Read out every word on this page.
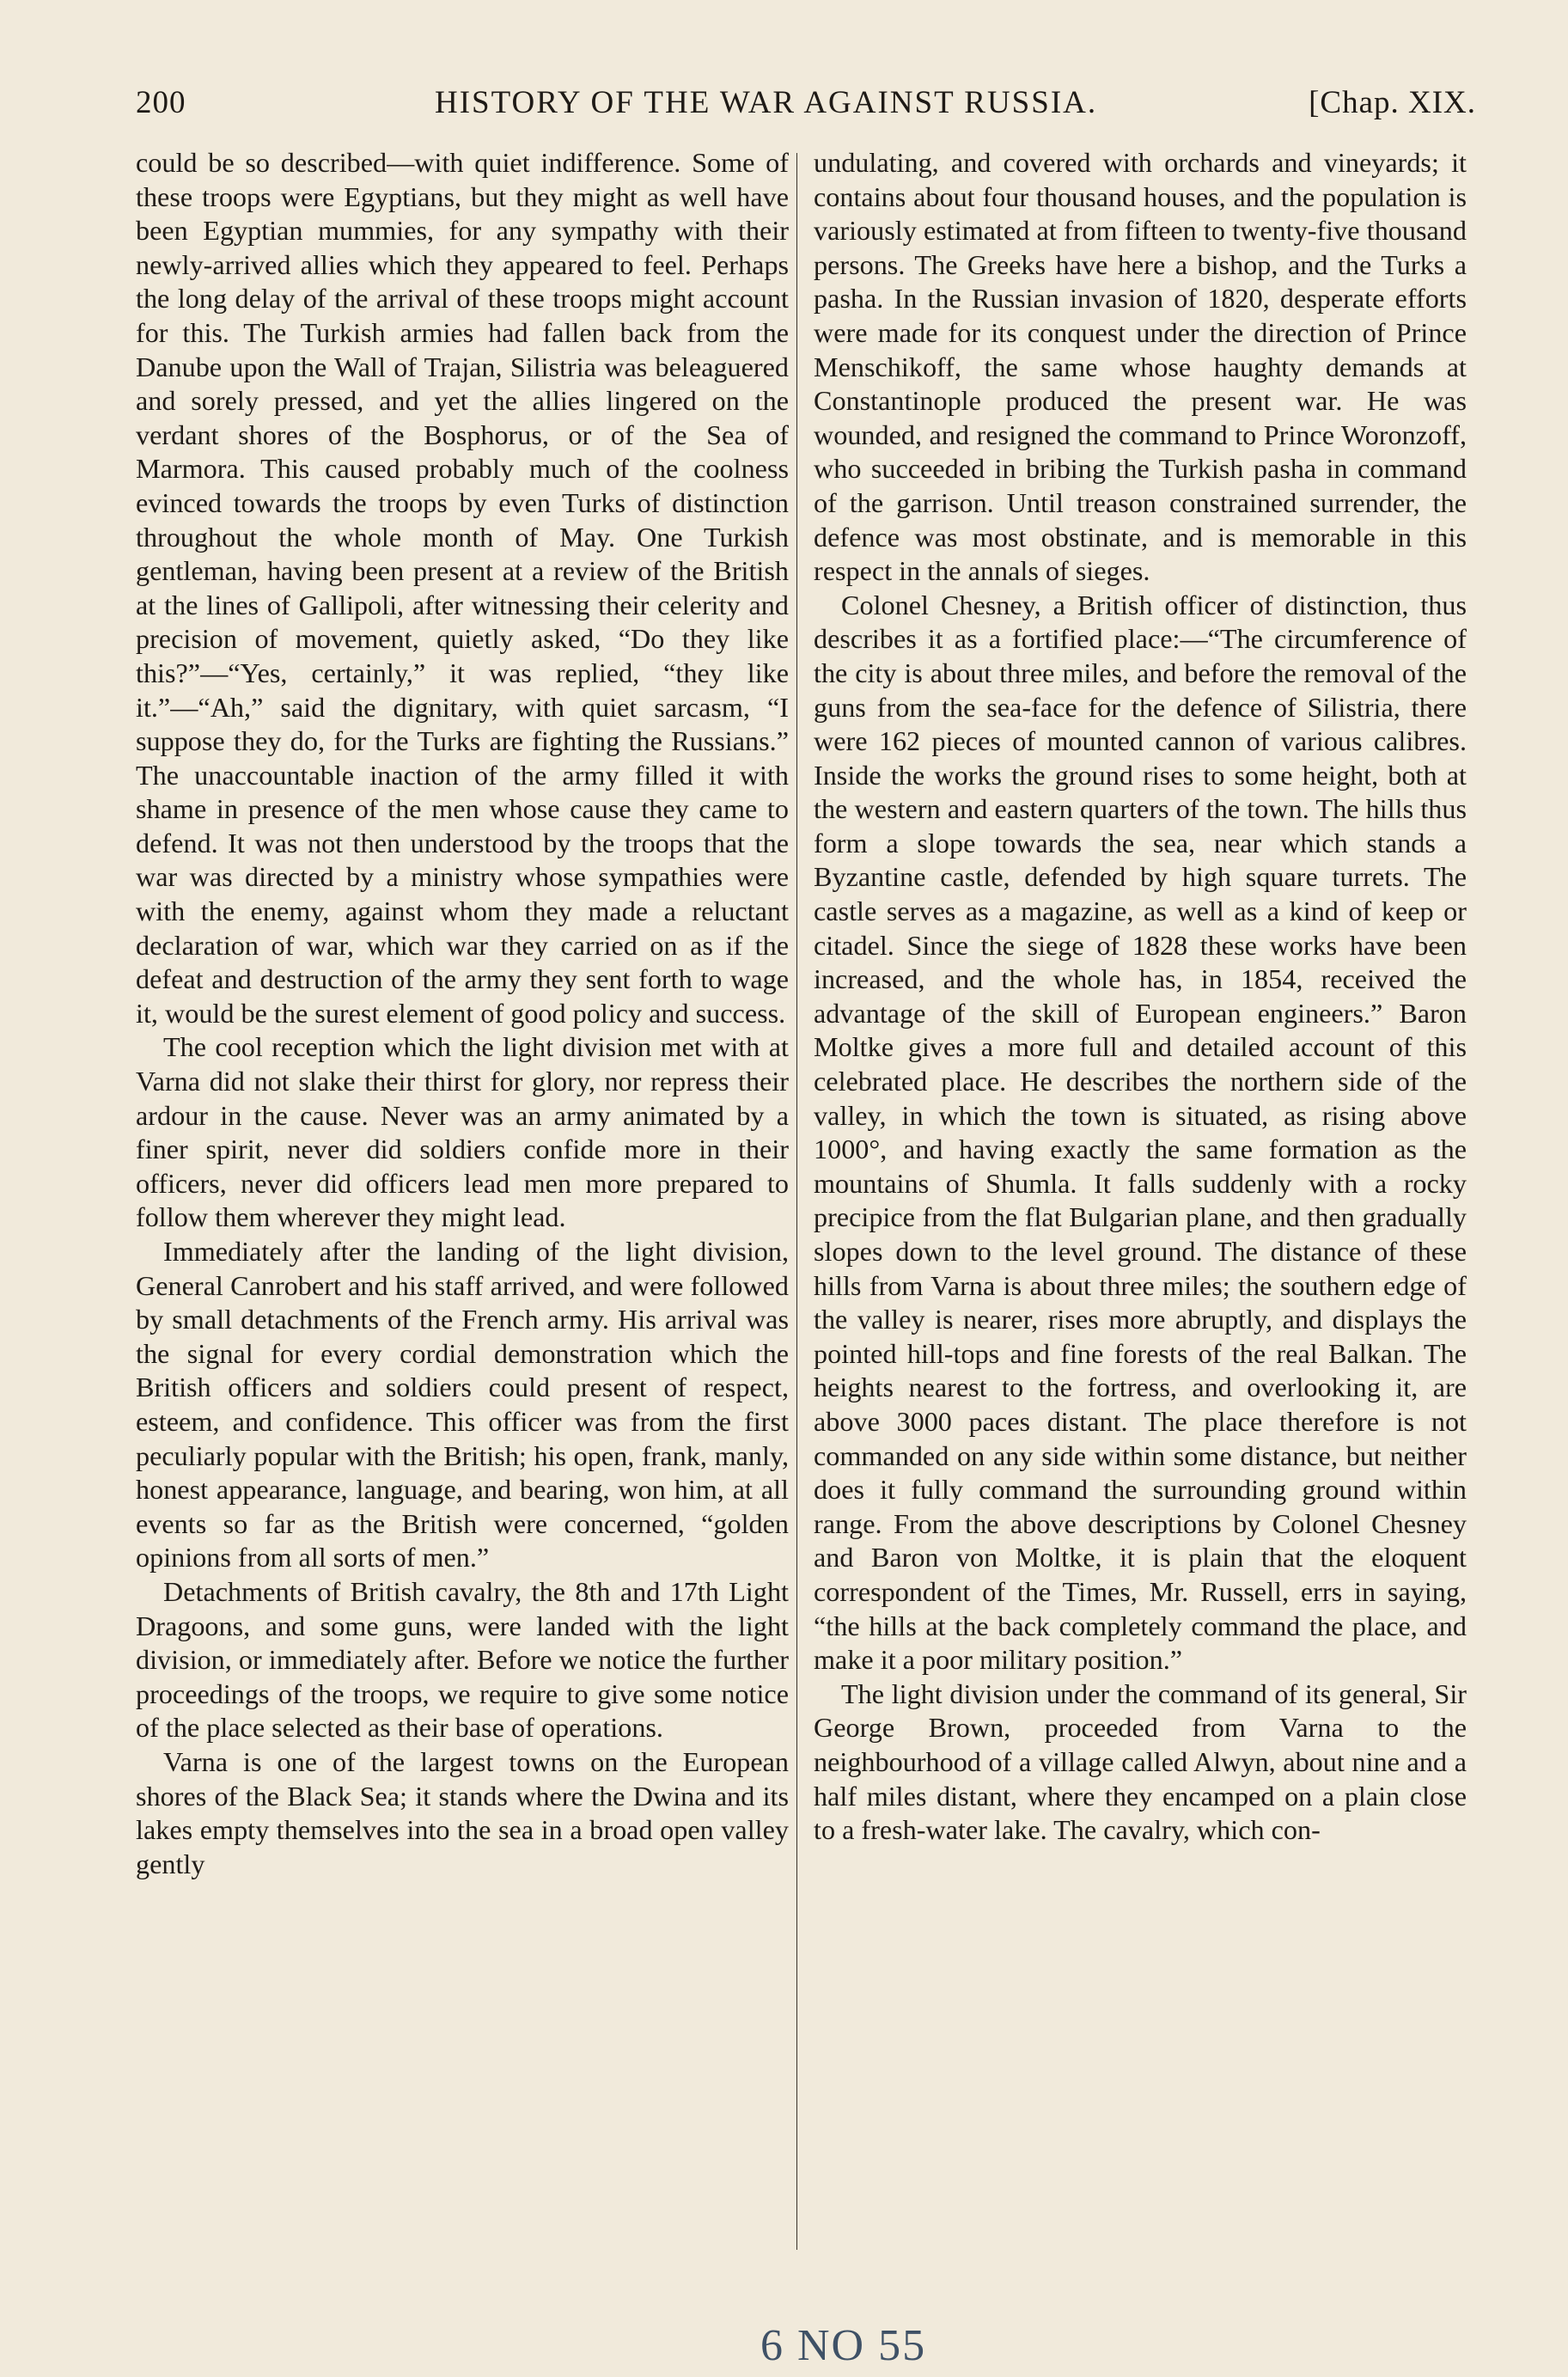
200	HISTORY OF THE WAR AGAINST RUSSIA.	[Chap. XIX.

could be so described—with quiet indifference. Some of these troops were Egyptians, but they might as well have been Egyptian mummies, for any sympathy with their newly-arrived allies which they appeared to feel. Perhaps the long delay of the arrival of these troops might account for this. The Turkish armies had fallen back from the Danube upon the Wall of Trajan, Silistria was beleaguered and sorely pressed, and yet the allies lingered on the verdant shores of the Bosphorus, or of the Sea of Marmora. This caused probably much of the coolness evinced towards the troops by even Turks of distinction throughout the whole month of May. One Turkish gentleman, having been present at a review of the British at the lines of Gallipoli, after witnessing their celerity and precision of movement, quietly asked, “Do they like this?”—“Yes, certainly,” it was replied, “they like it.”—“Ah,” said the dignitary, with quiet sarcasm, “I suppose they do, for the Turks are fighting the Russians.” The unaccountable inaction of the army filled it with shame in presence of the men whose cause they came to defend. It was not then understood by the troops that the war was directed by a ministry whose sympathies were with the enemy, against whom they made a reluctant declaration of war, which war they carried on as if the defeat and destruction of the army they sent forth to wage it, would be the surest element of good policy and success.

The cool reception which the light division met with at Varna did not slake their thirst for glory, nor repress their ardour in the cause. Never was an army animated by a finer spirit, never did soldiers confide more in their officers, never did officers lead men more prepared to follow them wherever they might lead.

Immediately after the landing of the light division, General Canrobert and his staff arrived, and were followed by small detachments of the French army. His arrival was the signal for every cordial demonstration which the British officers and soldiers could present of respect, esteem, and confidence. This officer was from the first peculiarly popular with the British; his open, frank, manly, honest appearance, language, and bearing, won him, at all events so far as the British were concerned, “golden opinions from all sorts of men.”

Detachments of British cavalry, the 8th and 17th Light Dragoons, and some guns, were landed with the light division, or immediately after. Before we notice the further proceedings of the troops, we require to give some notice of the place selected as their base of operations.

Varna is one of the largest towns on the European shores of the Black Sea; it stands where the Dwina and its lakes empty themselves into the sea in a broad open valley gently

undulating, and covered with orchards and vineyards; it contains about four thousand houses, and the population is variously estimated at from fifteen to twenty-five thousand persons. The Greeks have here a bishop, and the Turks a pasha. In the Russian invasion of 1820, desperate efforts were made for its conquest under the direction of Prince Menschikoff, the same whose haughty demands at Constantinople produced the present war. He was wounded, and resigned the command to Prince Woronzoff, who succeeded in bribing the Turkish pasha in command of the garrison. Until treason constrained surrender, the defence was most obstinate, and is memorable in this respect in the annals of sieges.

Colonel Chesney, a British officer of distinction, thus describes it as a fortified place:—“The circumference of the city is about three miles, and before the removal of the guns from the sea-face for the defence of Silistria, there were 162 pieces of mounted cannon of various calibres. Inside the works the ground rises to some height, both at the western and eastern quarters of the town. The hills thus form a slope towards the sea, near which stands a Byzantine castle, defended by high square turrets. The castle serves as a magazine, as well as a kind of keep or citadel. Since the siege of 1828 these works have been increased, and the whole has, in 1854, received the advantage of the skill of European engineers.” Baron Moltke gives a more full and detailed account of this celebrated place. He describes the northern side of the valley, in which the town is situated, as rising above 1000°, and having exactly the same formation as the mountains of Shumla. It falls suddenly with a rocky precipice from the flat Bulgarian plane, and then gradually slopes down to the level ground. The distance of these hills from Varna is about three miles; the southern edge of the valley is nearer, rises more abruptly, and displays the pointed hill-tops and fine forests of the real Balkan. The heights nearest to the fortress, and overlooking it, are above 3000 paces distant. The place therefore is not commanded on any side within some distance, but neither does it fully command the surrounding ground within range. From the above descriptions by Colonel Chesney and Baron von Moltke, it is plain that the eloquent correspondent of the Times, Mr. Russell, errs in saying, “the hills at the back completely command the place, and make it a poor military position.”

The light division under the command of its general, Sir George Brown, proceeded from Varna to the neighbourhood of a village called Alwyn, about nine and a half miles distant, where they encamped on a plain close to a fresh-water lake. The cavalry, which con-

6 NO 55
